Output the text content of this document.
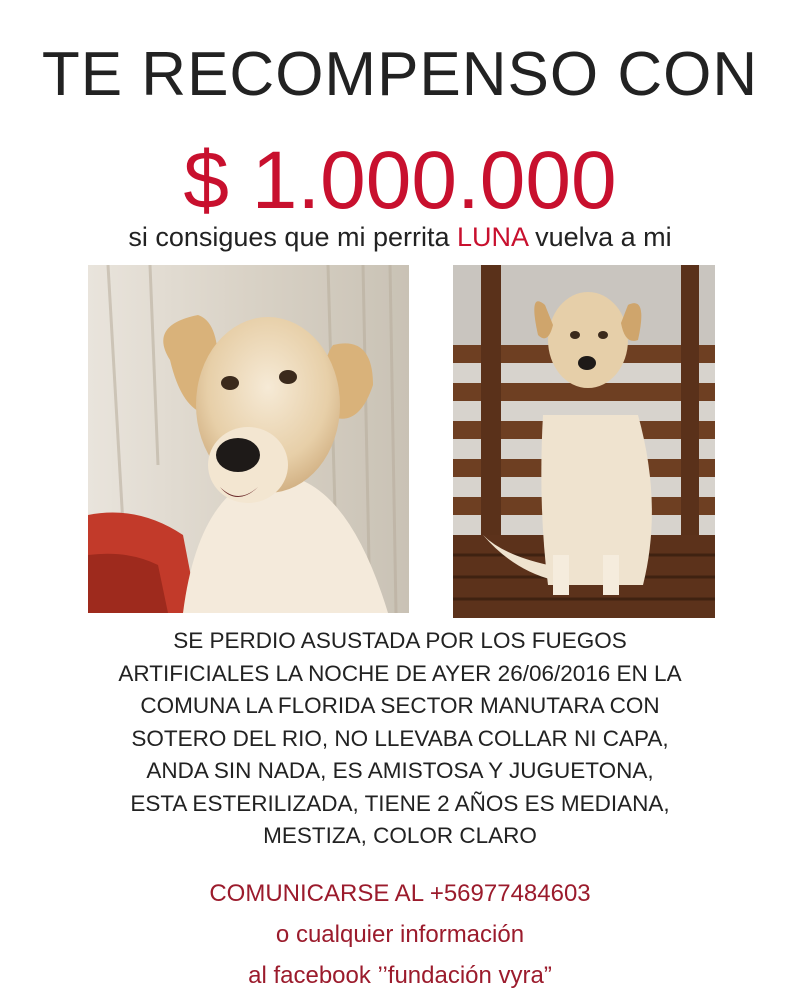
TE RECOMPENSO CON
$ 1.000.000
si consigues que mi perrita LUNA vuelva a mi
SE PERDIO ASUSTADA POR LOS FUEGOS
ARTIFICIALES LA NOCHE DE AYER 26/06/2016 EN LA
COMUNA LA FLORIDA SECTOR MANUTARA CON
SOTERO DEL RIO, NO LLEVABA COLLAR NI CAPA,
ANDA SIN NADA, ES AMISTOSA Y JUGUETONA,
ESTA ESTERILIZADA, TIENE 2 AÑOS ES MEDIANA,
MESTIZA, COLOR CLARO
COMUNICARSE AL +56977484603
o cualquier información
al facebook ’’fundación vyra”
